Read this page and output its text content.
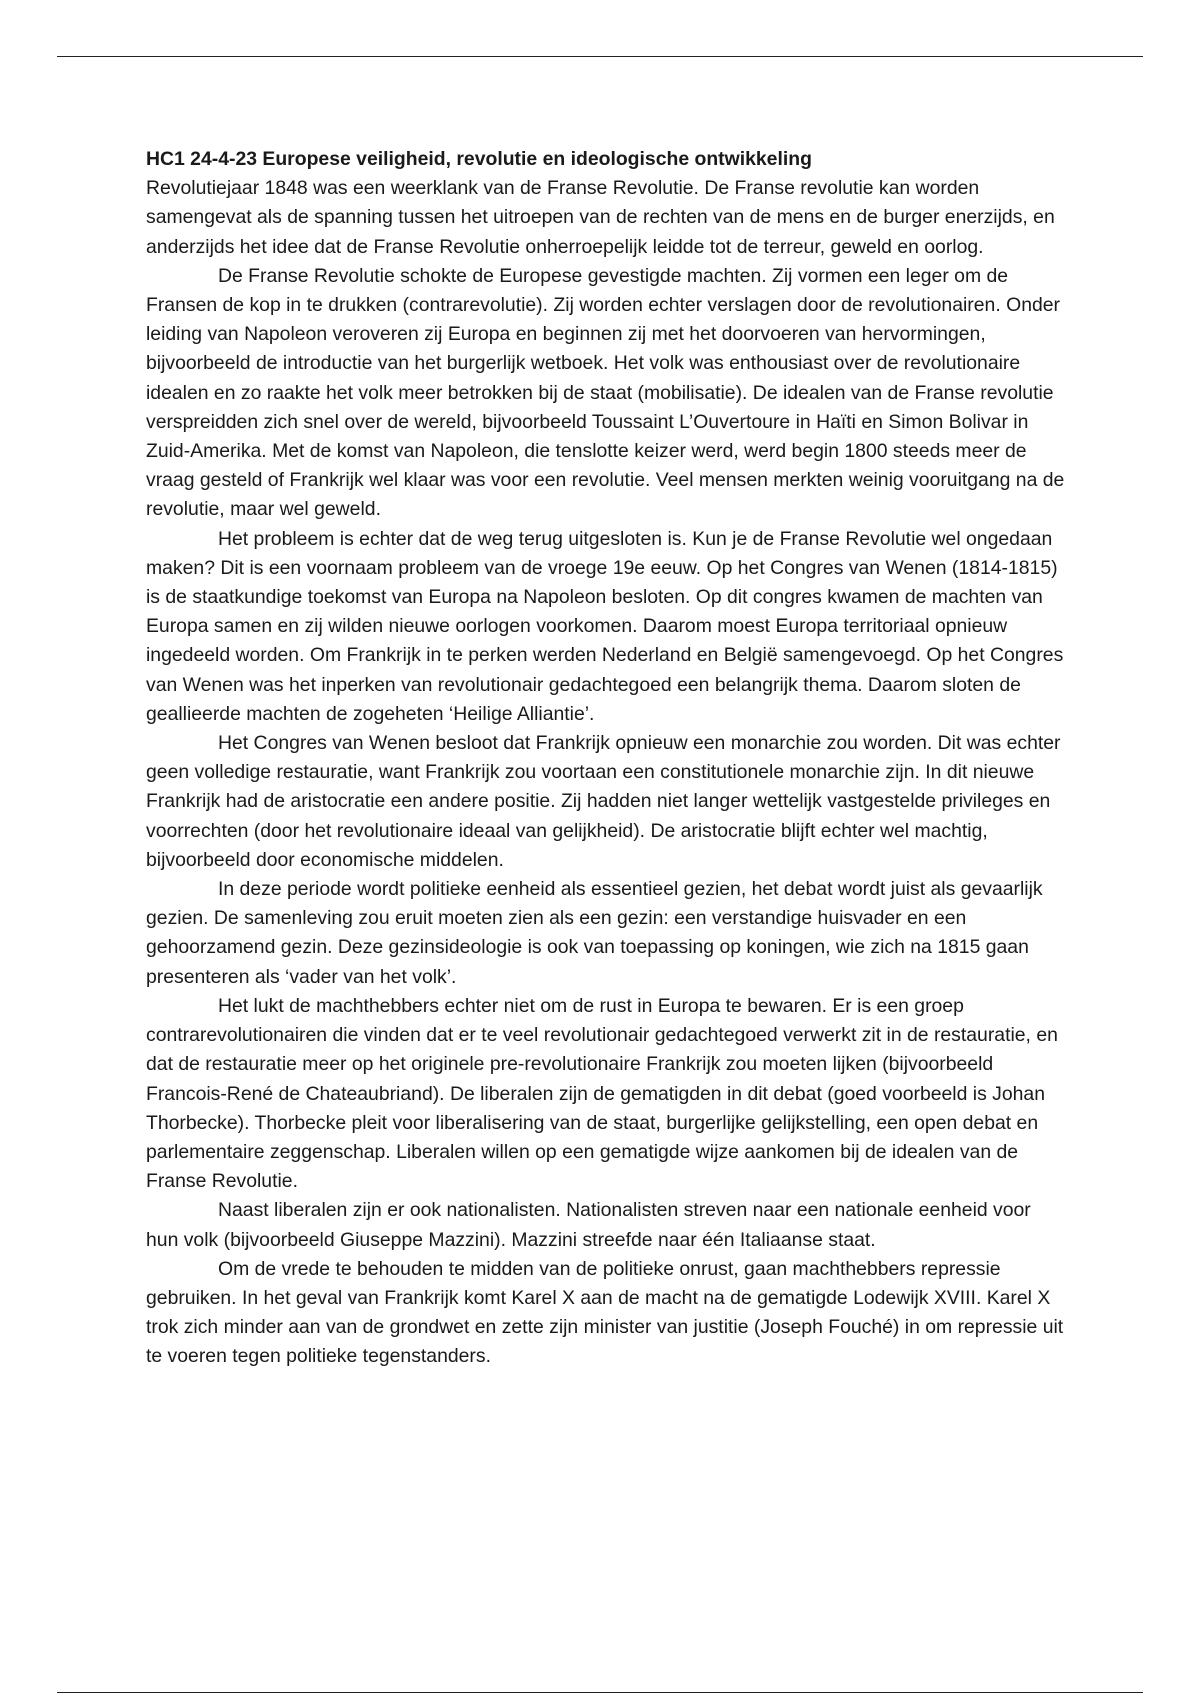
HC1 24-4-23 Europese veiligheid, revolutie en ideologische ontwikkeling

Revolutiejaar 1848 was een weerklank van de Franse Revolutie. De Franse revolutie kan worden samengevat als de spanning tussen het uitroepen van de rechten van de mens en de burger enerzijds, en anderzijds het idee dat de Franse Revolutie onherroepelijk leidde tot de terreur, geweld en oorlog.

De Franse Revolutie schokte de Europese gevestigde machten. Zij vormen een leger om de Fransen de kop in te drukken (contrarevolutie). Zij worden echter verslagen door de revolutionairen. Onder leiding van Napoleon veroveren zij Europa en beginnen zij met het doorvoeren van hervormingen, bijvoorbeeld de introductie van het burgerlijk wetboek. Het volk was enthousiast over de revolutionaire idealen en zo raakte het volk meer betrokken bij de staat (mobilisatie). De idealen van de Franse revolutie verspreidden zich snel over de wereld, bijvoorbeeld Toussaint L’Ouvertoure in Haïti en Simon Bolivar in Zuid-Amerika. Met de komst van Napoleon, die tenslotte keizer werd, werd begin 1800 steeds meer de vraag gesteld of Frankrijk wel klaar was voor een revolutie. Veel mensen merkten weinig vooruitgang na de revolutie, maar wel geweld.

Het probleem is echter dat de weg terug uitgesloten is. Kun je de Franse Revolutie wel ongedaan maken? Dit is een voornaam probleem van de vroege 19e eeuw. Op het Congres van Wenen (1814-1815) is de staatkundige toekomst van Europa na Napoleon besloten. Op dit congres kwamen de machten van Europa samen en zij wilden nieuwe oorlogen voorkomen. Daarom moest Europa territoriaal opnieuw ingedeeld worden. Om Frankrijk in te perken werden Nederland en België samengevoegd. Op het Congres van Wenen was het inperken van revolutionair gedachtegoed een belangrijk thema. Daarom sloten de geallieerde machten de zogeheten ‘Heilige Alliantie’.

Het Congres van Wenen besloot dat Frankrijk opnieuw een monarchie zou worden. Dit was echter geen volledige restauratie, want Frankrijk zou voortaan een constitutionele monarchie zijn. In dit nieuwe Frankrijk had de aristocratie een andere positie. Zij hadden niet langer wettelijk vastgestelde privileges en voorrechten (door het revolutionaire ideaal van gelijkheid). De aristocratie blijft echter wel machtig, bijvoorbeeld door economische middelen.

In deze periode wordt politieke eenheid als essentieel gezien, het debat wordt juist als gevaarlijk gezien. De samenleving zou eruit moeten zien als een gezin: een verstandige huisvader en een gehoorzamend gezin. Deze gezinsideologie is ook van toepassing op koningen, wie zich na 1815 gaan presenteren als ‘vader van het volk’.

Het lukt de machthebbers echter niet om de rust in Europa te bewaren. Er is een groep contrarevolutionairen die vinden dat er te veel revolutionair gedachtegoed verwerkt zit in de restauratie, en dat de restauratie meer op het originele pre-revolutionaire Frankrijk zou moeten lijken (bijvoorbeeld Francois-René de Chateaubriand). De liberalen zijn de gematigden in dit debat (goed voorbeeld is Johan Thorbecke). Thorbecke pleit voor liberalisering van de staat, burgerlijke gelijkstelling, een open debat en parlementaire zeggenschap. Liberalen willen op een gematigde wijze aankomen bij de idealen van de Franse Revolutie.

Naast liberalen zijn er ook nationalisten. Nationalisten streven naar een nationale eenheid voor hun volk (bijvoorbeeld Giuseppe Mazzini). Mazzini streefde naar één Italiaanse staat.

Om de vrede te behouden te midden van de politieke onrust, gaan machthebbers repressie gebruiken. In het geval van Frankrijk komt Karel X aan de macht na de gematigde Lodewijk XVIII. Karel X trok zich minder aan van de grondwet en zette zijn minister van justitie (Joseph Fouché) in om repressie uit te voeren tegen politieke tegenstanders.
